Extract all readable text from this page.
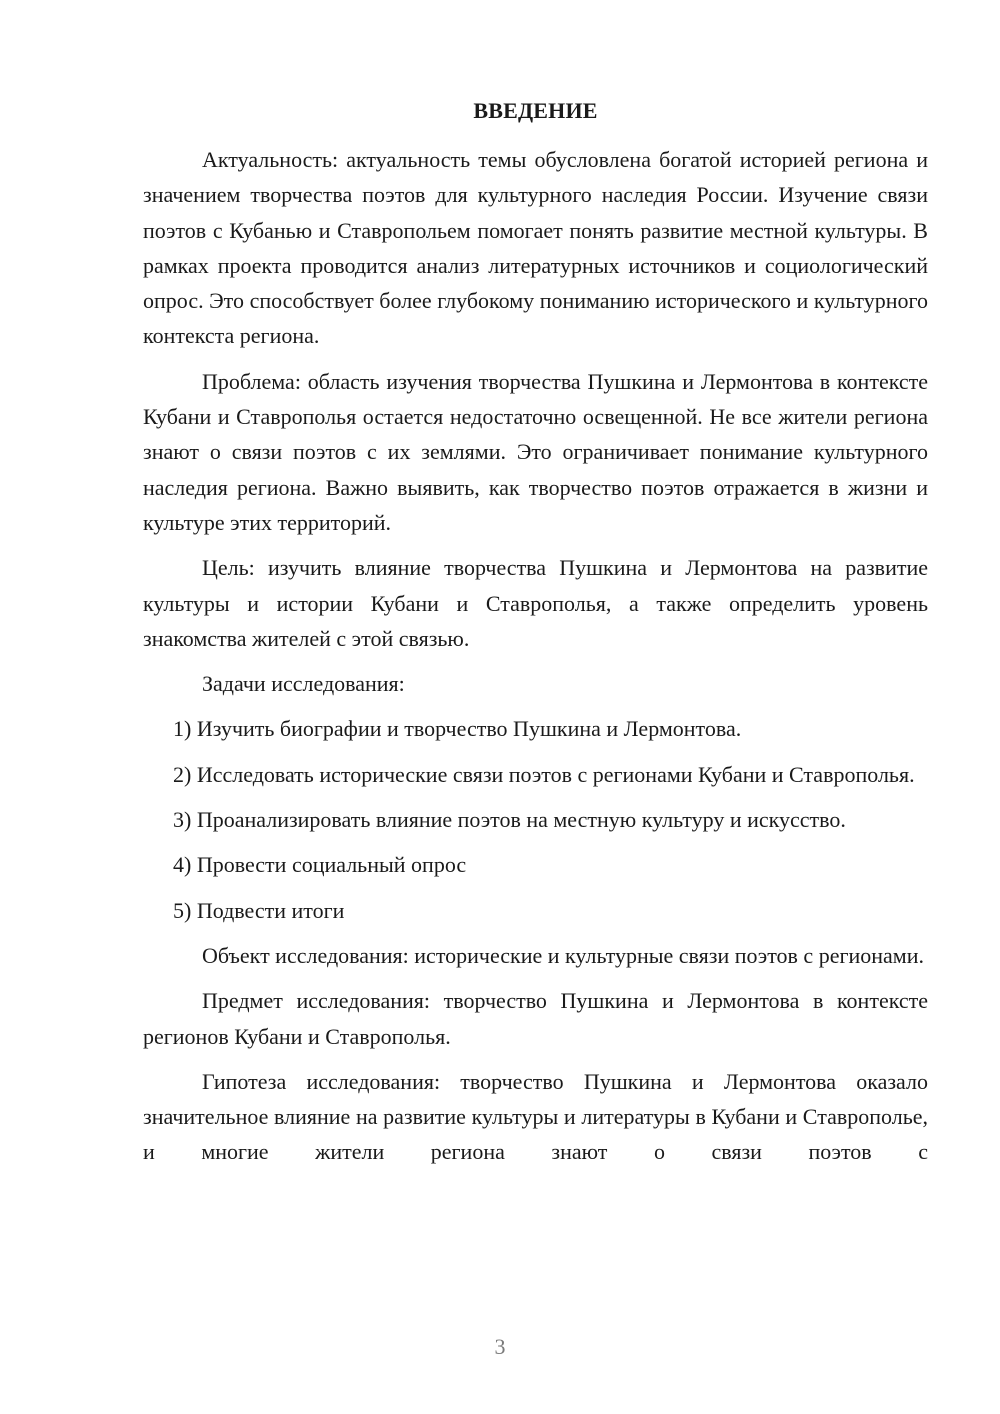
ВВЕДЕНИЕ

Актуальность: актуальность темы обусловлена богатой историей региона и значением творчества поэтов для культурного наследия России. Изучение связи поэтов с Кубанью и Ставропольем помогает понять развитие местной культуры. В рамках проекта проводится анализ литературных источников и социологический опрос. Это способствует более глубокому пониманию исторического и культурного контекста региона.

Проблема: область изучения творчества Пушкина и Лермонтова в контексте Кубани и Ставрополья остается недостаточно освещенной. Не все жители региона знают о связи поэтов с их землями. Это ограничивает понимание культурного наследия региона. Важно выявить, как творчество поэтов отражается в жизни и культуре этих территорий.

Цель: изучить влияние творчества Пушкина и Лермонтова на развитие культуры и истории Кубани и Ставрополья, а также определить уровень знакомства жителей с этой связью.

Задачи исследования:

1) Изучить биографии и творчество Пушкина и Лермонтова.

2) Исследовать исторические связи поэтов с регионами Кубани и Ставрополья.

3) Проанализировать влияние поэтов на местную культуру и искусство.

4) Провести социальный опрос

5) Подвести итоги

Объект исследования: исторические и культурные связи поэтов с регионами.

Предмет исследования: творчество Пушкина и Лермонтова в контексте регионов Кубани и Ставрополья.

Гипотеза исследования: творчество Пушкина и Лермонтова оказало значительное влияние на развитие культуры и литературы в Кубани и Ставрополье, и многие жители региона знают о связи поэтов с

3
